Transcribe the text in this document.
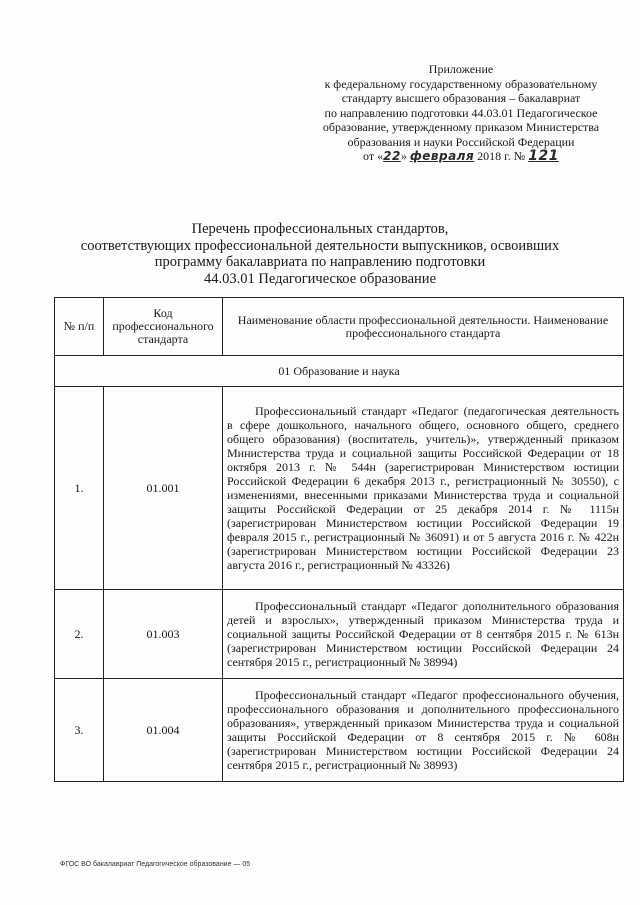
Приложение
к федеральному государственному образовательному
стандарту высшего образования – бакалавриат
по направлению подготовки 44.03.01 Педагогическое
образование, утвержденному приказом Министерства
образования и науки Российской Федерации
от «22» февраля 2018 г. № 121
Перечень профессиональных стандартов,
соответствующих профессиональной деятельности выпускников, освоивших
программу бакалавриата по направлению подготовки
44.03.01 Педагогическое образование
№ п/п	Код профессионального стандарта	Наименование области профессиональной деятельности. Наименование профессионального стандарта
01 Образование и наука		
1.	01.001	Профессиональный стандарт «Педагог (педагогическая деятельность в сфере дошкольного, начального общего, основного общего, среднего общего образования) (воспитатель, учитель)», утвержденный приказом Министерства труда и социальной защиты Российской Федерации от 18 октября 2013 г. № 544н (зарегистрирован Министерством юстиции Российской Федерации 6 декабря 2013 г., регистрационный № 30550), с изменениями, внесенными приказами Министерства труда и социальной защиты Российской Федерации от 25 декабря 2014 г. № 1115н (зарегистрирован Министерством юстиции Российской Федерации 19 февраля 2015 г., регистрационный № 36091) и от 5 августа 2016 г. № 422н (зарегистрирован Министерством юстиции Российской Федерации 23 августа 2016 г., регистрационный № 43326)
2.	01.003	Профессиональный стандарт «Педагог дополнительного образования детей и взрослых», утвержденный приказом Министерства труда и социальной защиты Российской Федерации от 8 сентября 2015 г. № 613н (зарегистрирован Министерством юстиции Российской Федерации 24 сентября 2015 г., регистрационный № 38994)
3.	01.004	Профессиональный стандарт «Педагог профессионального обучения, профессионального образования и дополнительного профессионального образования», утвержденный приказом Министерства труда и социальной защиты Российской Федерации от 8 сентября 2015 г. № 608н (зарегистрирован Министерством юстиции Российской Федерации 24 сентября 2015 г., регистрационный № 38993)
ФГОС ВО бакалавриат Педагогическое образование — 05
